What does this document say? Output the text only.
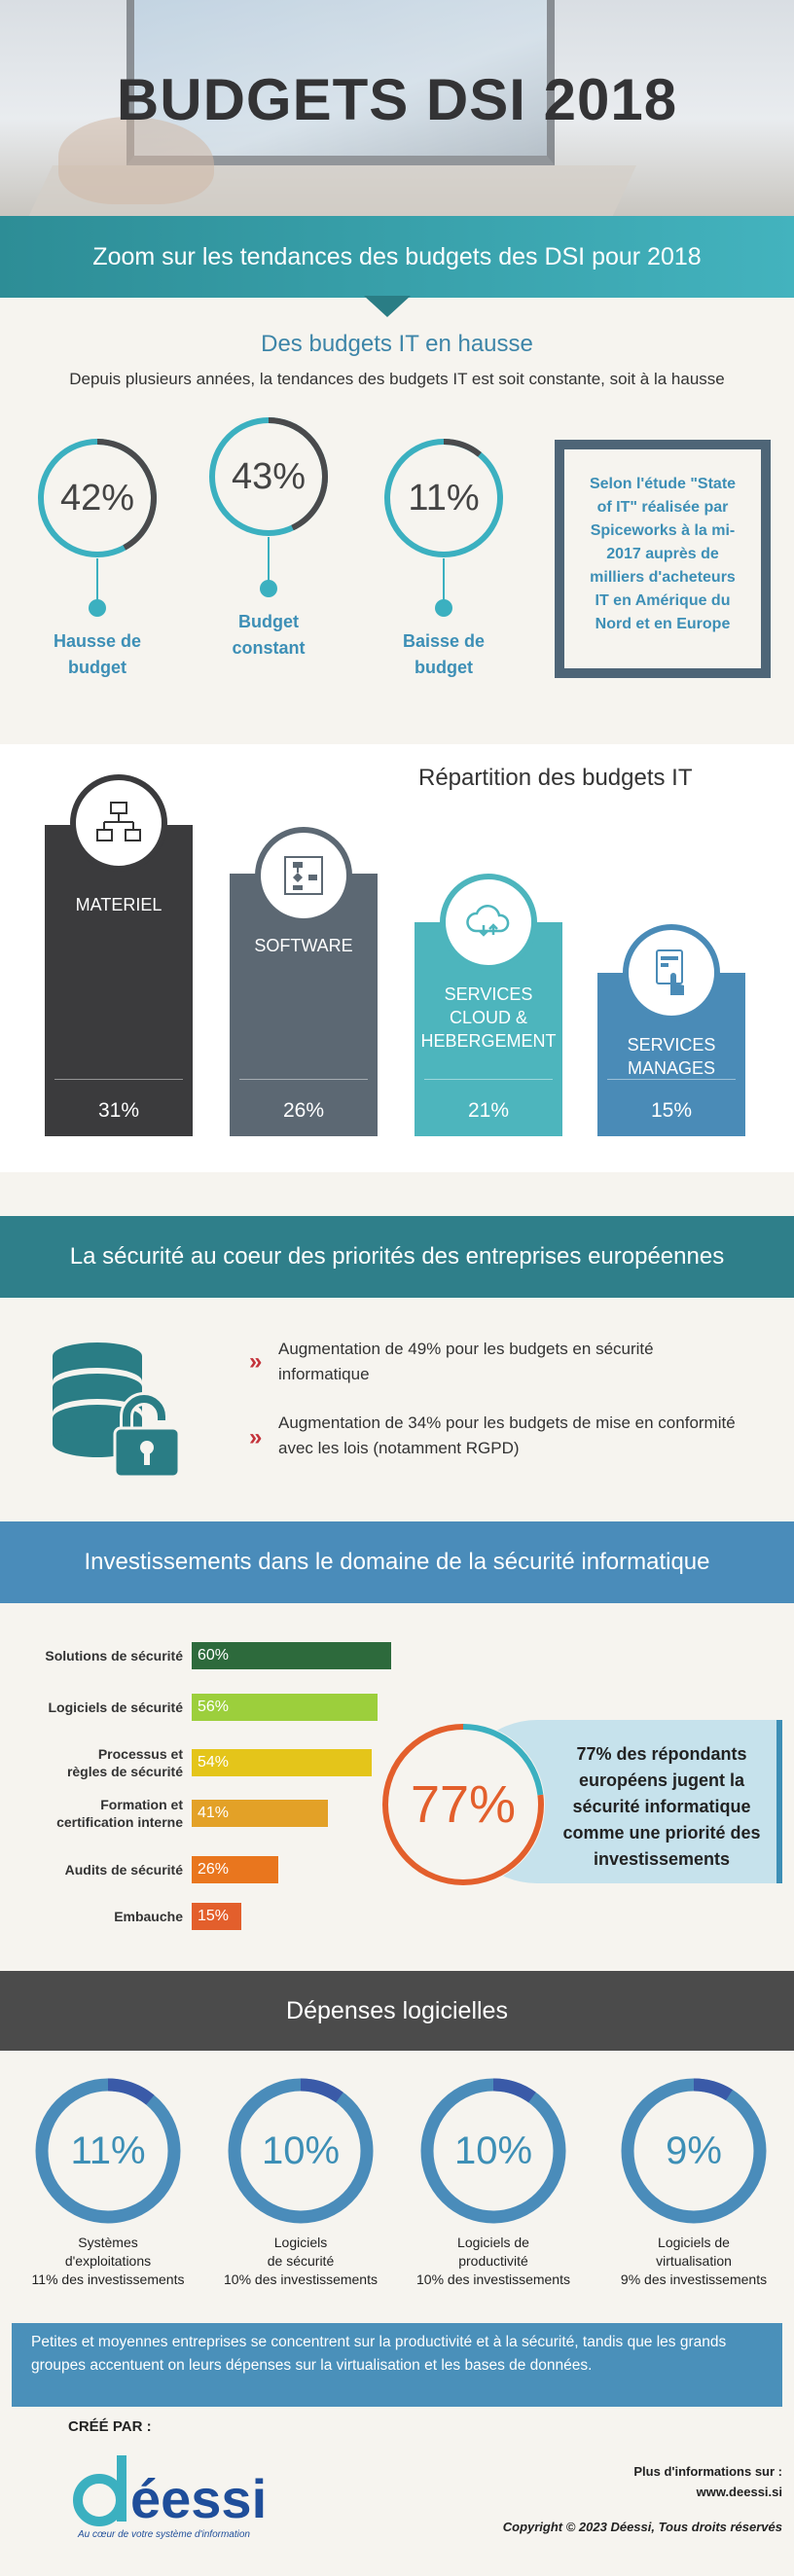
BUDGETS DSI 2018
Zoom sur les tendances des budgets des DSI pour 2018
Des budgets IT en hausse
Depuis plusieurs années, la tendances des budgets IT est soit constante, soit à la hausse
42%
Hausse de
budget
43%
Budget
constant
11%
Baisse de
budget

Selon l'étude "State of IT" réalisée par Spiceworks à la mi-2017 auprès de milliers d'acheteurs IT en Amérique du Nord et en Europe

Répartition des budgets IT
MATERIEL
31%
SOFTWARE
26%
SERVICES
CLOUD &
HEBERGEMENT
21%
SERVICES
MANAGES
15%
La sécurité au coeur des priorités des entreprises européennes
» Augmentation de 49% pour les budgets en sécurité informatique
»
Augmentation de 34% pour les budgets de mise en conformité avec les lois (notamment RGPD)
Investissements dans le domaine de la sécurité informatique
Solutions de sécurité 60%
Logiciels de sécurité 56%
Processus et
règles de sécurité
54%
Formation et
certification interne
41%
Audits de sécurité 26%
Embauche 15%

77% des répondants européens jugent la sécurité informatique comme une priorité des investissements

77%
Dépenses logicielles
11%
Systèmes
d'exploitations
11% des investissements
10%
Logiciels
de sécurité
10% des investissements
10%
Logiciels de
productivité
10% des investissements
9%
Logiciels de
virtualisation
9% des investissements
Petites et moyennes entreprises se concentrent sur la productivité et à la sécurité, tandis que les grands groupes accentuent on leurs dépenses sur la virtualisation et les bases de données.
CRÉÉ PAR :
éessi
Au cœur de votre système d'information
Plus d'informations sur :
www.deessi.si
Copyright © 2023 Déessi, Tous droits réservés
